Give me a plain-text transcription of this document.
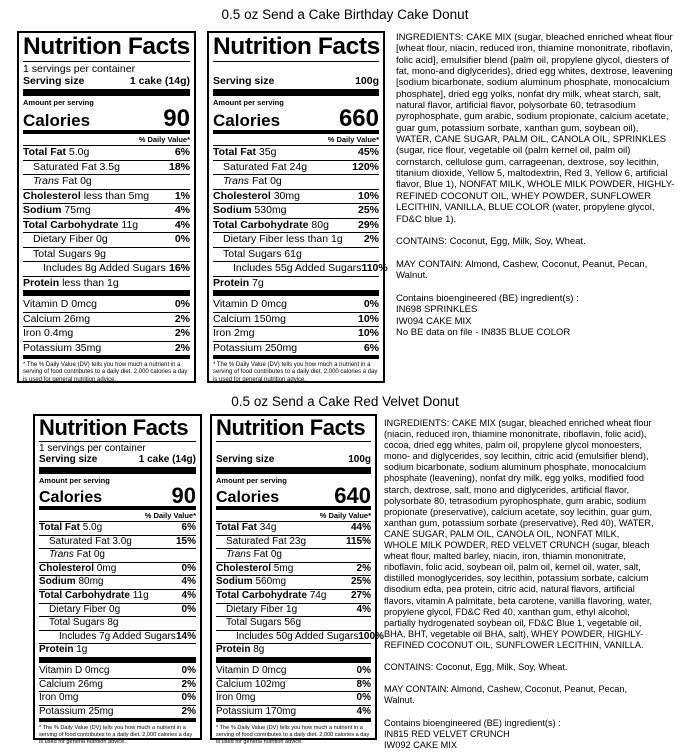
0.5 oz Send a Cake Birthday Cake Donut
Nutrition Facts
1 servings per container
Serving size	1 cake (14g)
Amount per serving
Calories	90
% Daily Value*
Total Fat 5.0g	6%
Saturated Fat 3.5g	18%
Trans Fat 0g
Cholesterol less than 5mg 1%
Sodium 75mg	4%
Total Carbohydrate 11g	4%
Dietary Fiber 0g	0%
Total Sugars 9g
Includes 8g Added Sugars 16%
Protein less than 1g
Vitamin D 0mcg	0%
Calcium 26mg	2%
Iron 0.4mg	2%
Potassium 35mg	2%
* The % Daily Value (DV) tells you how much a nutrient in a serving of food contributes to a daily diet. 2,000 calories a day is used for general nutrition advice.
Nutrition Facts

Serving size	100g
Amount per serving
Calories 660
% Daily Value*
Total Fat 35g	45%
Saturated Fat 24g	120%
Trans Fat 0g
Cholesterol 30mg	10%
Sodium 530mg	25%
Total Carbohydrate 80g	29%
Dietary Fiber less than 1g 2%
Total Sugars 61g
Includes 55g Added Sugars 110%
Protein 7g
Vitamin D 0mcg	0%
Calcium 150mg	10%
Iron 2mg	10%
Potassium 250mg	6%
* The % Daily Value (DV) tells you how much a nutrient in a serving of food contributes to a daily diet. 2,000 calories a day is used for general nutrition advice.

INGREDIENTS: CAKE MIX (sugar, bleached enriched wheat flour
[wheat flour, niacin, reduced iron, thiamine mononitrate, riboflavin,
folic acid], emulsifier blend {palm oil, propylene glycol, diesters of
fat, mono-and diglycerides}, dried egg whites, dextrose, leavening
[sodium bicarbonate, sodium aluminum phosphate, monocalcium
phosphate], dried egg yolks, nonfat dry milk, wheat starch, salt,
natural flavor, artificial flavor, polysorbate 60, tetrasodium
pyrophosphate, gum arabic, sodium propionate, calcium acetate,
guar gum, potassium sorbate, xanthan gum, soybean oil),
WATER, CANE SUGAR, PALM OIL, CANOLA OIL, SPRINKLES
(sugar, rice flour, vegetable oil (palm kernel oil, palm oil)
cornstarch, cellulose gum, carrageenan, dextrose, soy lecithin,
titanium dioxide, Yellow 5, maltodextrin, Red 3, Yellow 6, artificial
flavor, Blue 1), NONFAT MILK, WHOLE MILK POWDER, HIGHLY-
REFINED COCONUT OIL, WHEY POWDER, SUNFLOWER
LECITHIN, VANILLA, BLUE COLOR (water, propylene glycol,
FD&C blue 1).

CONTAINS: Coconut, Egg, Milk, Soy, Wheat.

MAY CONTAIN: Almond, Cashew, Coconut, Peanut, Pecan,
Walnut.

Contains bioengineered (BE) ingredient(s) :
IN698 SPRINKLES
IW094 CAKE MIX
No BE data on file - IN835 BLUE COLOR

0.5 oz Send a Cake Red Velvet Donut
Nutrition Facts
1 servings per container
Serving size	1 cake (14g)
Amount per serving
Calories	90
% Daily Value*
Total Fat 5.0g	6%
Saturated Fat 3.0g	15%
Trans Fat 0g
Cholesterol 0mg	0%
Sodium 80mg	4%
Total Carbohydrate 11g	4%
Dietary Fiber 0g	0%
Total Sugars 8g
Includes 7g Added Sugars 14%
Protein 1g
Vitamin D 0mcg	0%
Calcium 26mg	2%
Iron 0mg	0%
Potassium 25mg	2%
* The % Daily Value (DV) tells you how much a nutrient in a serving of food contributes to a daily diet. 2,000 calories a day is used for general nutrition advice.
Nutrition Facts

Serving size	100g
Amount per serving
Calories	640
% Daily Value*
Total Fat 34g	44%
Saturated Fat 23g	115%
Trans Fat 0g
Cholesterol 5mg	2%
Sodium 560mg	25%
Total Carbohydrate 74g 27%
Dietary Fiber 1g	4%
Total Sugars 56g
Includes 50g Added Sugars 100%
Protein 8g
Vitamin D 0mcg	0%
Calcium 102mg	8%
Iron 0mg	0%
Potassium 170mg	4%
* The % Daily Value (DV) tells you how much a nutrient in a serving of food contributes to a daily diet. 2,000 calories a day is used for general nutrition advice.

INGREDIENTS: CAKE MIX (sugar, bleached enriched wheat flour
(niacin, reduced iron, thiamine mononitrate, riboflavin, folic acid),
cocoa, dried egg whites, palm oil, propylene glycol monoesters,
mono- and diglycerides, soy lecithin, citric acid (emulsifier blend),
sodium bicarbonate, sodium aluminum phosphate, monocalcium
phosphate (leavening), nonfat dry milk, egg yolks, modified food
starch, dextrose, salt, mono and diglycerides, artificial flavor,
polysorbate 80, tetrasodium pyrophosphate, gum arabic, sodium
propionate (preservative), calcium acetate, soy lecithin, guar gum,
xanthan gum, potassium sorbate (preservative), Red 40), WATER,
CANE SUGAR, PALM OIL, CANOLA OIL, NONFAT MILK,
WHOLE MILK POWDER, RED VELVET CRUNCH (sugar, bleach
wheat flour, malted barley, niacin, iron, thiamin mononitrate,
riboflavin, folic acid, soybean oil, palm oil, kernel oil, water, salt,
distilled monoglycerides, soy lecithin, potassium sorbate, calcium
disodium edta, pea protein, citric acid, natural flavors, artificial
flavors, vitamin A palmitate, beta carotene, vanilla flavoring, water,
propylene glycol, FD&C Red 40, xanthan gum, ethyl alcohol,
partially hydrogenated soybean oil, FD&C Blue 1, vegetable oil,
BHA, BHT, vegetable oil BHA, salt), WHEY POWDER, HIGHLY-
REFINED COCONUT OIL, SUNFLOWER LECITHIN, VANILLA.

CONTAINS: Coconut, Egg, Milk, Soy, Wheat.

MAY CONTAIN: Almond, Cashew, Coconut, Peanut, Pecan,
Walnut.

Contains bioengineered (BE) ingredient(s) :
IN815 RED VELVET CRUNCH
IW092 CAKE MIX
